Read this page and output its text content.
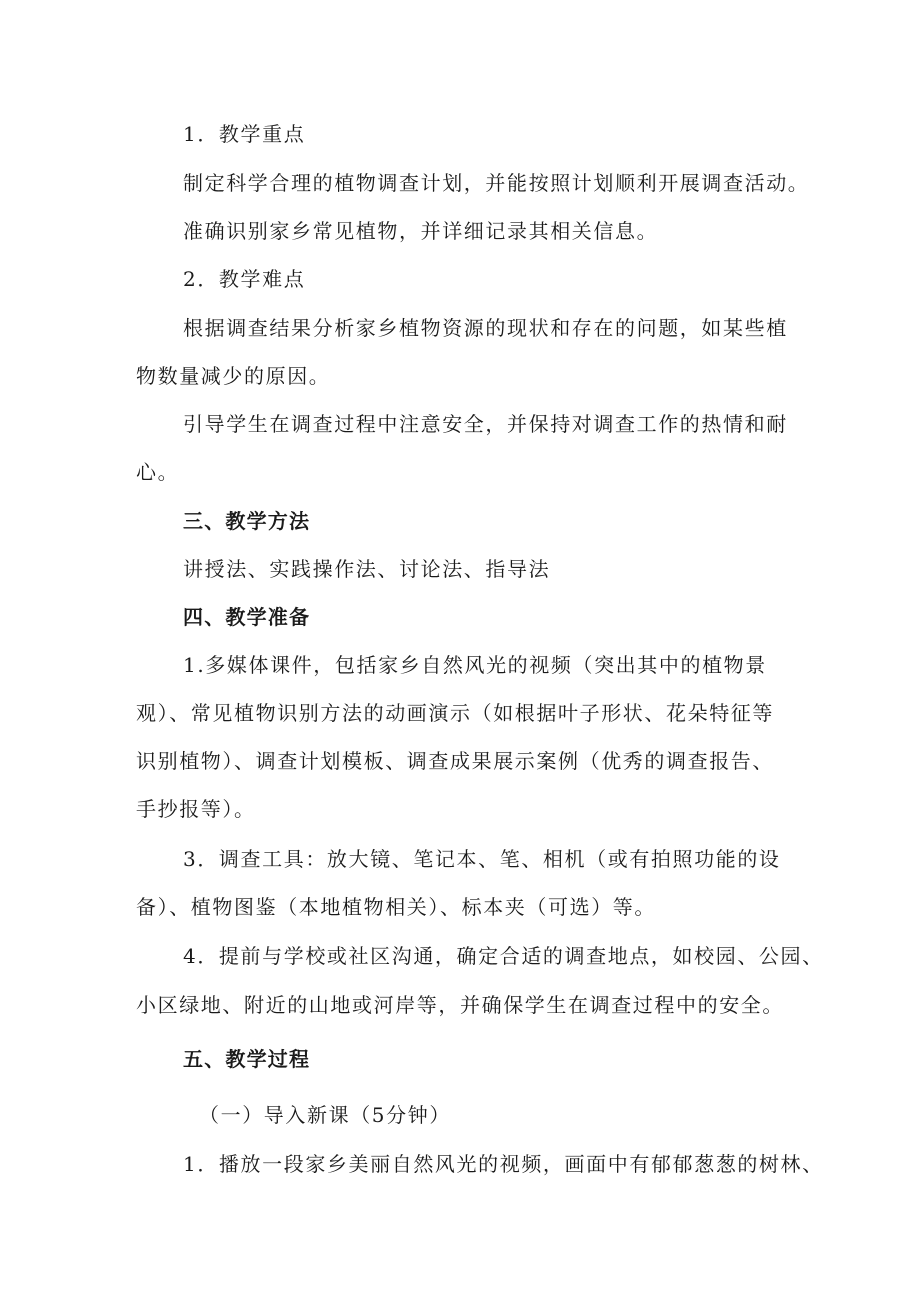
1．教学重点
制定科学合理的植物调查计划，并能按照计划顺利开展调查活动。
准确识别家乡常见植物，并详细记录其相关信息。
2．教学难点
根据调查结果分析家乡植物资源的现状和存在的问题，如某些植
物数量减少的原因。
引导学生在调查过程中注意安全，并保持对调查工作的热情和耐
心。
三、教学方法
讲授法、实践操作法、讨论法、指导法
四、教学准备
1.多媒体课件，包括家乡自然风光的视频（突出其中的植物景
观）、常见植物识别方法的动画演示（如根据叶子形状、花朵特征等
识别植物）、调查计划模板、调查成果展示案例（优秀的调查报告、
手抄报等）。
3．调查工具：放大镜、笔记本、笔、相机（或有拍照功能的设
备）、植物图鉴（本地植物相关）、标本夹（可选）等。
4．提前与学校或社区沟通，确定合适的调查地点，如校园、公园、
小区绿地、附近的山地或河岸等，并确保学生在调查过程中的安全。
五、教学过程
（一）导入新课（5分钟）
1．播放一段家乡美丽自然风光的视频，画面中有郁郁葱葱的树林、
